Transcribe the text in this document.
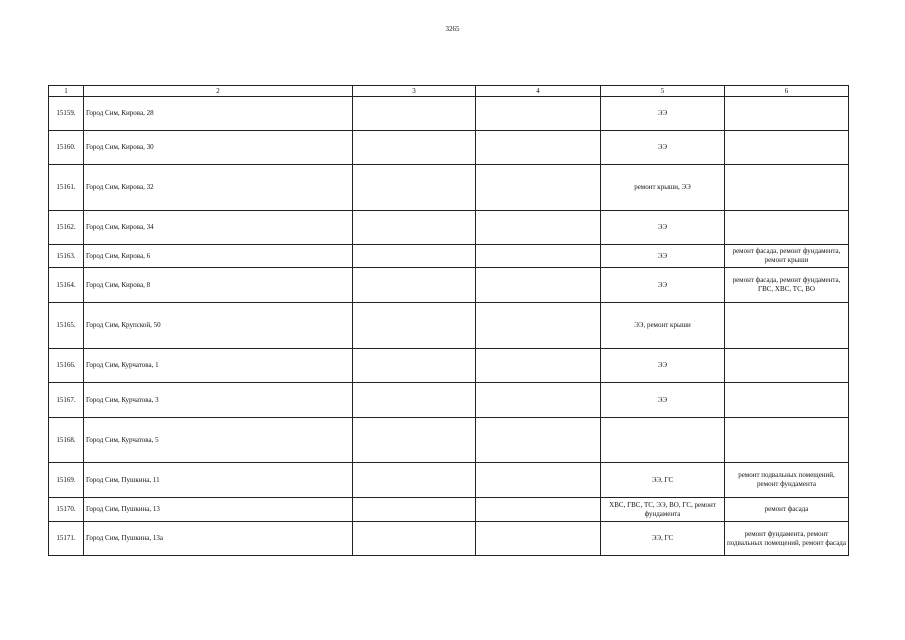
3265
1	2	3	4	5	6
15159.	Город Сим, Кирова, 28			ЭЭ	
15160.	Город Сим, Кирова, 30			ЭЭ	
15161.	Город Сим, Кирова, 32			ремонт крыши, ЭЭ	
15162.	Город Сим, Кирова, 34			ЭЭ	
15163.	Город Сим, Кирова, 6			ЭЭ	ремонт фасада, ремонт фундамента, ремонт крыши
15164.	Город Сим, Кирова, 8			ЭЭ	ремонт фасада, ремонт фундамента, ГВС, ХВС, ТС, ВО
15165.	Город Сим, Крупской, 50			ЭЭ, ремонт крыши	
15166.	Город Сим, Курчатова, 1			ЭЭ	
15167.	Город Сим, Курчатова, 3			ЭЭ	
15168.	Город Сим, Курчатова, 5				
15169.	Город Сим, Пушкина, 11			ЭЭ, ГС	ремонт подвальных помещений, ремонт фундамента
15170.	Город Сим, Пушкина, 13			ХВС, ГВС, ТС, ЭЭ, ВО, ГС, ремонт фундамента	ремонт фасада
15171.	Город Сим, Пушкина, 13а			ЭЭ, ГС	ремонт фундамента, ремонт подвальных помещений, ремонт фасада
